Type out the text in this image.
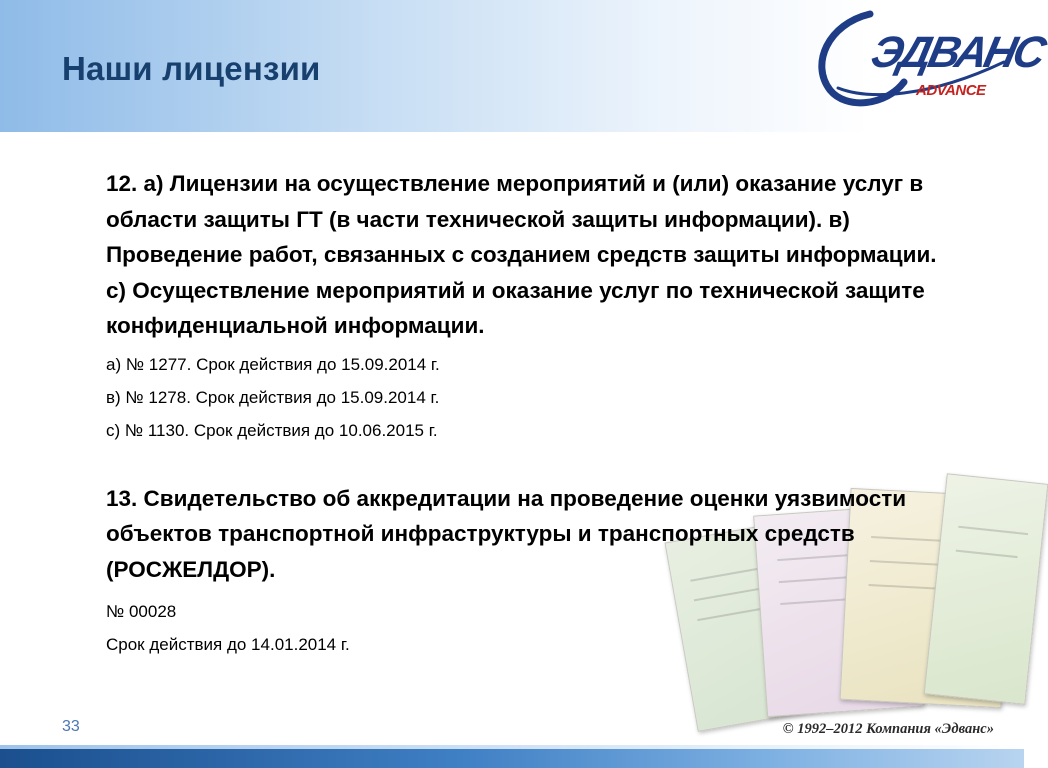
Наши лицензии	ЭДВАНС
ADVANCE

12. а) Лицензии на осуществление мероприятий и (или) оказание услуг в области защиты ГТ (в части технической защиты информации). в) Проведение работ, связанных с созданием средств защиты информации. с) Осуществление мероприятий и оказание услуг по технической защите конфиденциальной информации.

а) № 1277. Срок действия до 15.09.2014 г.

в) № 1278. Срок действия до 15.09.2014 г.

с) № 1130. Срок действия до 10.06.2015 г.

13. Свидетельство об аккредитации на проведение оценки уязвимости объектов транспортной инфраструктуры и транспортных средств (РОСЖЕЛДОР).

№ 00028

Срок действия до 14.01.2014 г.

33	© 1992–2012 Компания «Эдванс»
